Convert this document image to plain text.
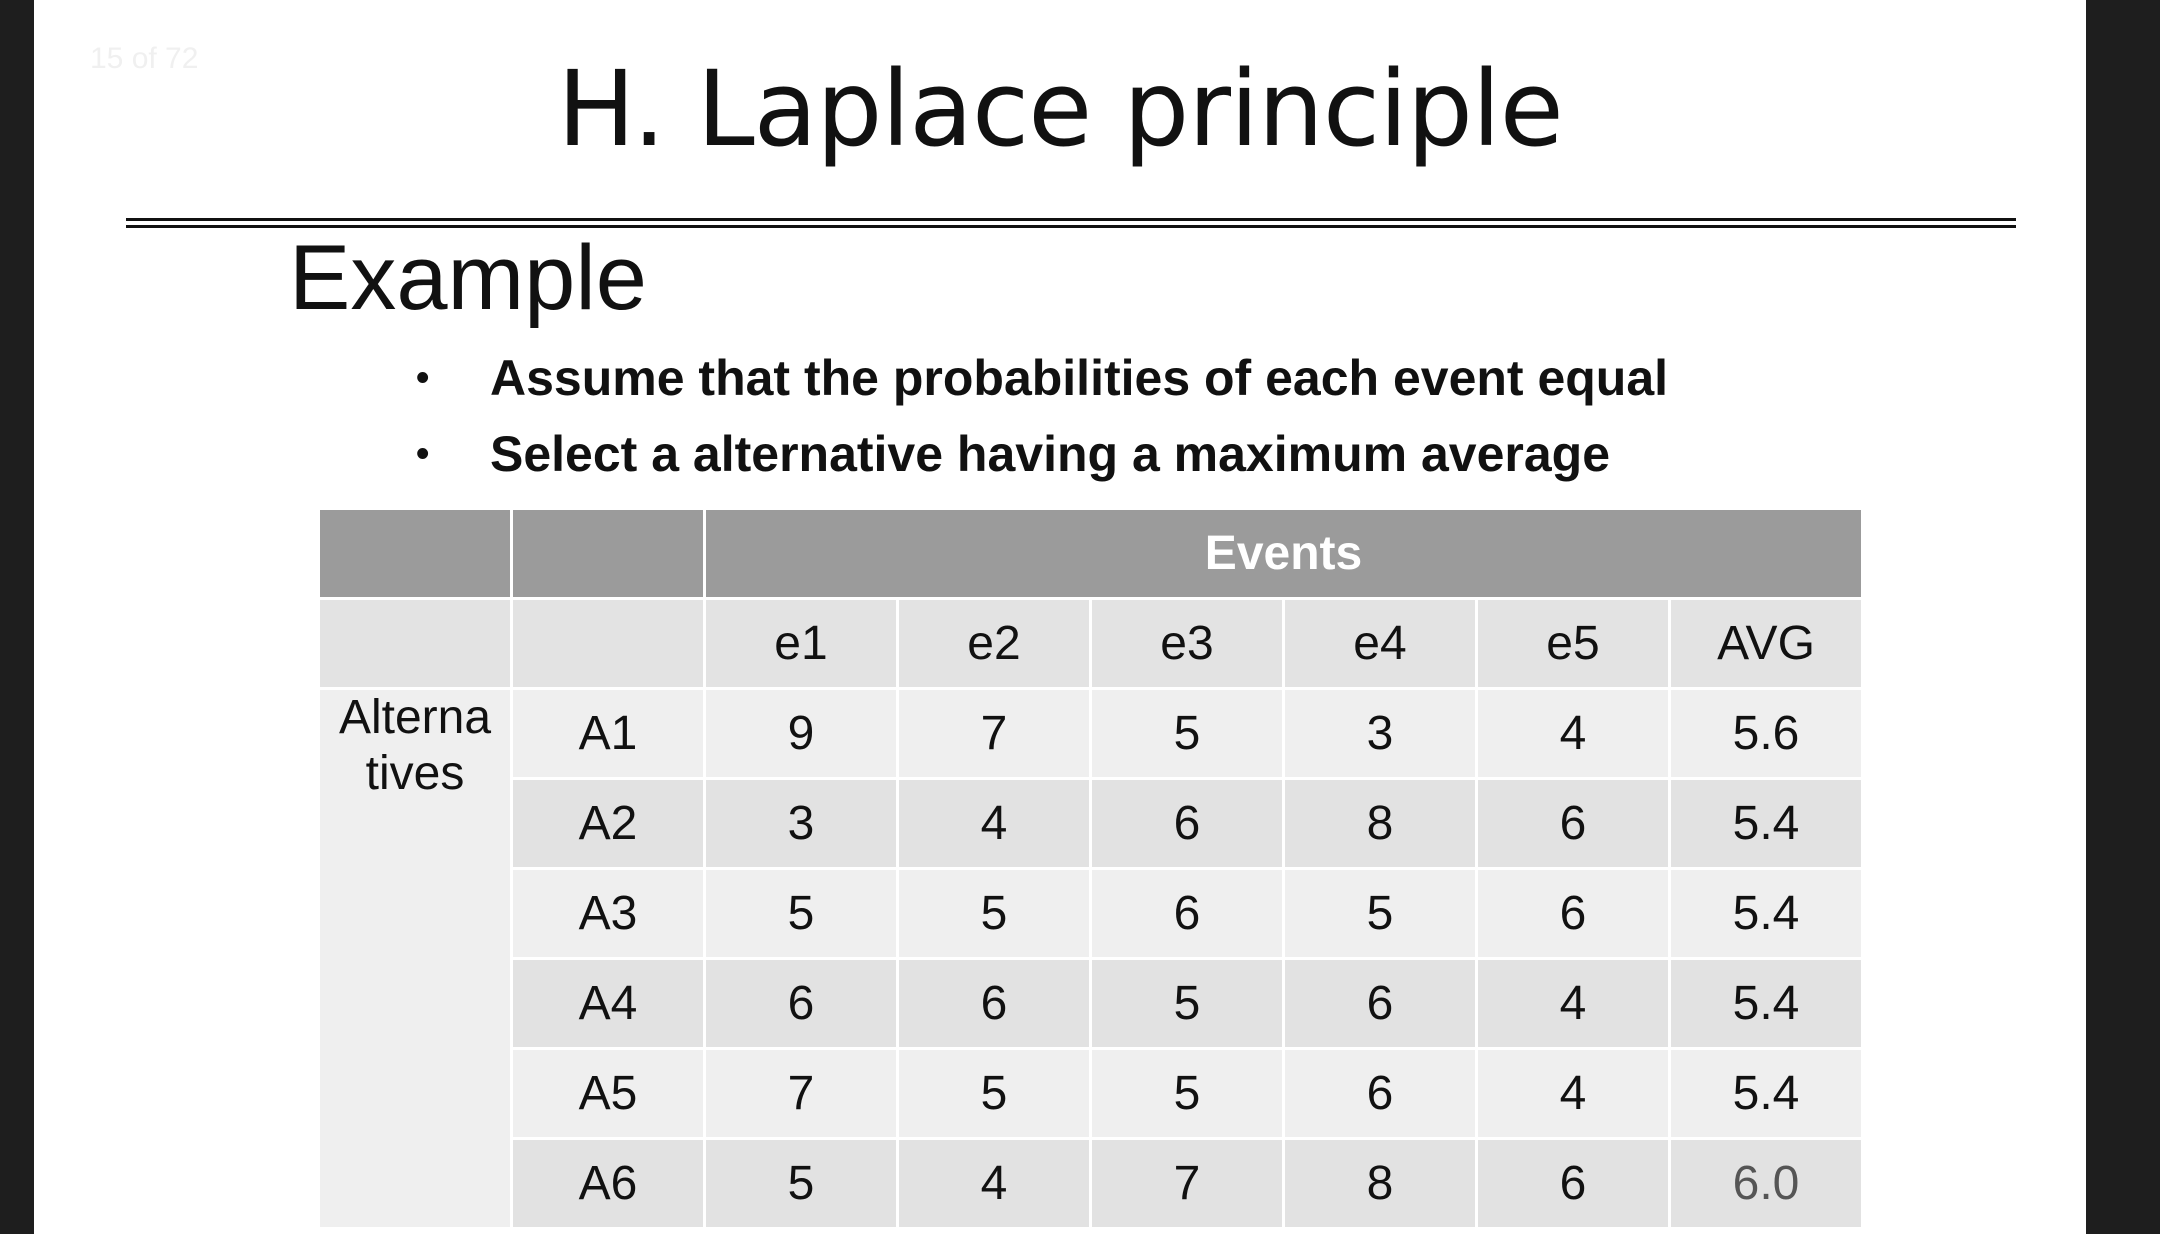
15 of 72	H. Laplace principle
Example
• Assume that the probabilities of each event equal
• Select a alternative having a maximum average
		Events					
		e1	e2	e3	e4	e5	AVG
Alterna
tives	A1	9	7	5	3	4	5.6
	A2	3	4	6	8	6	5.4
	A3	5	5	6	5	6	5.4
	A4	6	6	5	6	4	5.4
	A5	7	5	5	6	4	5.4
	A6	5	4	7	8	6	6.0
